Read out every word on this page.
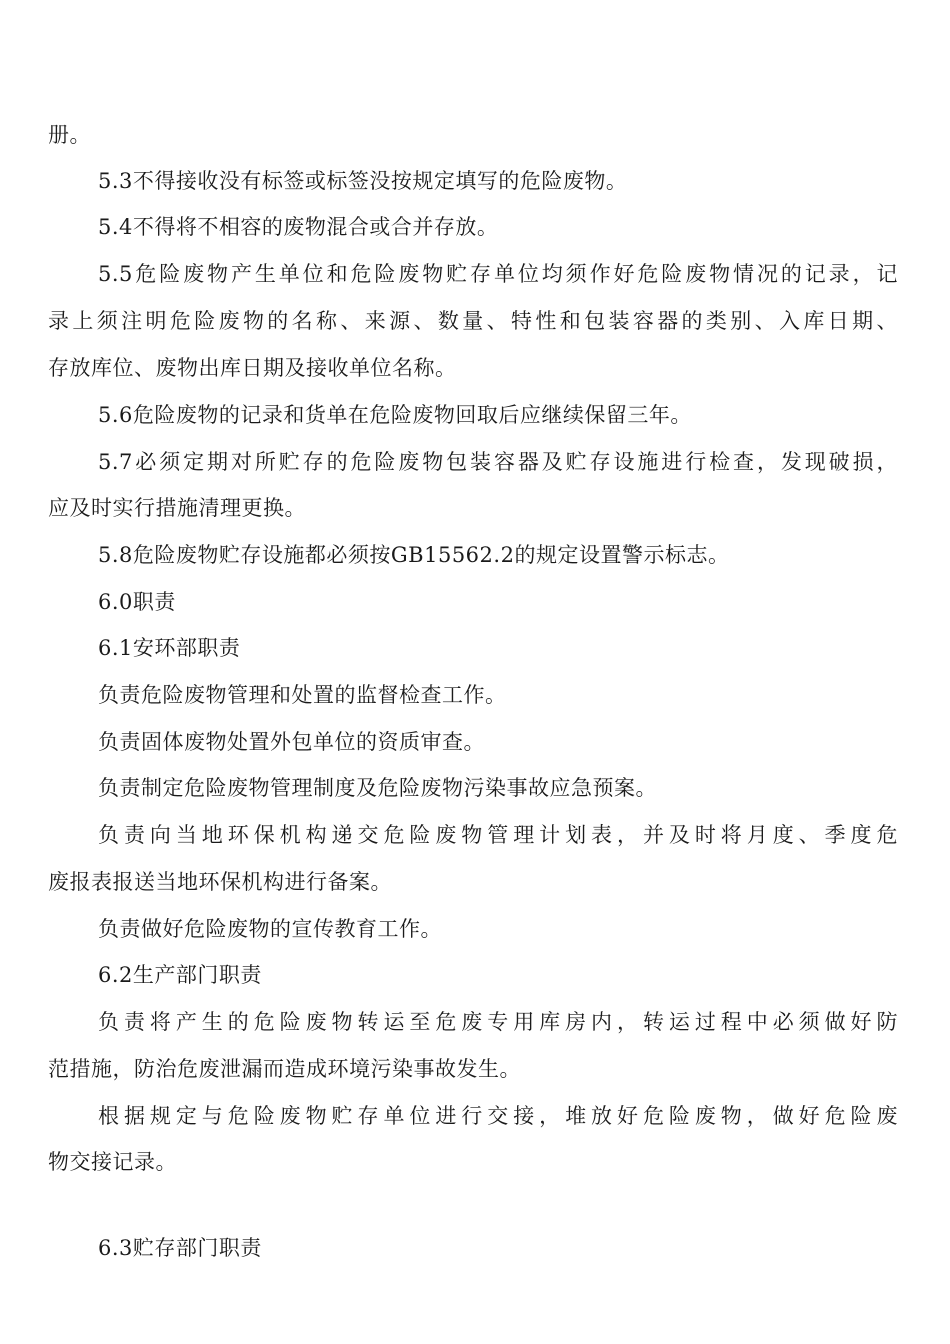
册。
5.3不得接收没有标签或标签没按规定填写的危险废物。
5.4不得将不相容的废物混合或合并存放。
5.5危险废物产生单位和危险废物贮存单位均须作好危险废物情况的记录，记
录上须注明危险废物的名称、来源、数量、特性和包装容器的类别、入库日期、
存放库位、废物出库日期及接收单位名称。
5.6危险废物的记录和货单在危险废物回取后应继续保留三年。
5.7必须定期对所贮存的危险废物包装容器及贮存设施进行检查，发现破损，
应及时实行措施清理更换。
5.8危险废物贮存设施都必须按GB15562.2的规定设置警示标志。
6.0职责
6.1安环部职责
负责危险废物管理和处置的监督检查工作。
负责固体废物处置外包单位的资质审查。
负责制定危险废物管理制度及危险废物污染事故应急预案。
负责向当地环保机构递交危险废物管理计划表，并及时将月度、季度危
废报表报送当地环保机构进行备案。
负责做好危险废物的宣传教育工作。
6.2生产部门职责
负责将产生的危险废物转运至危废专用库房内，转运过程中必须做好防
范措施，防治危废泄漏而造成环境污染事故发生。
根据规定与危险废物贮存单位进行交接，堆放好危险废物，做好危险废
物交接记录。
6.3贮存部门职责
